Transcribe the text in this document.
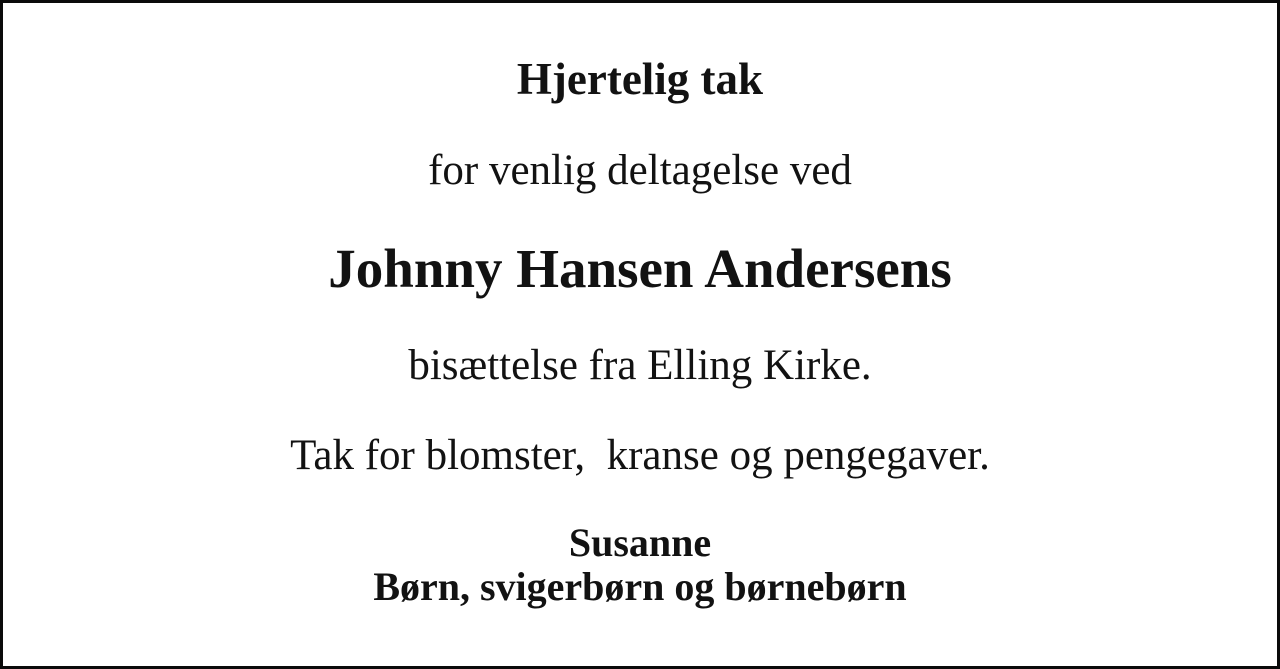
Hjertelig tak
for venlig deltagelse ved
Johnny Hansen Andersens
bisættelse fra Elling Kirke.
Tak for blomster,  kranse og pengegaver.
Susanne
Børn, svigerbørn og børnebørn
